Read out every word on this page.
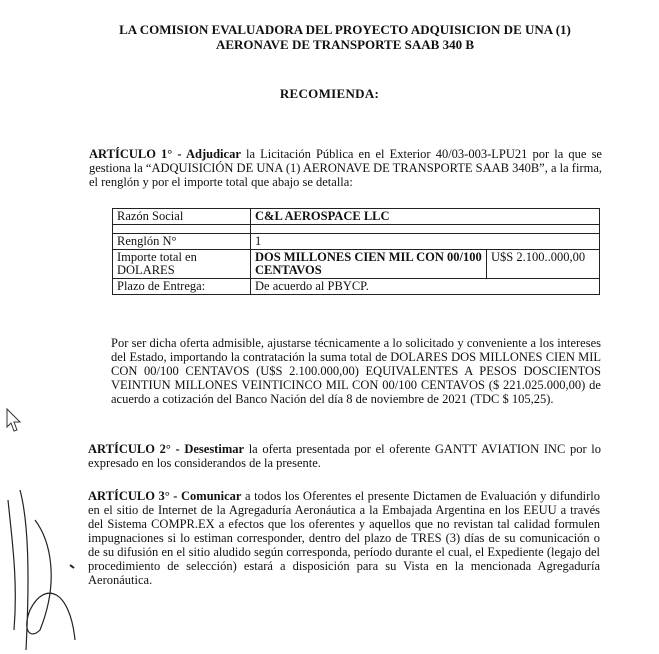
LA COMISION EVALUADORA DEL PROYECTO ADQUISICION DE UNA (1)
AERONAVE DE TRANSPORTE SAAB 340 B
RECOMIENDA:
ARTÍCULO 1° - Adjudicar la Licitación Pública en el Exterior 40/03-003-LPU21 por la que se gestiona la “ADQUISICIÓN DE UNA (1) AERONAVE DE TRANSPORTE SAAB 340B”, a la firma, el renglón y por el importe total que abajo se detalla:
Razón Social	C&L AEROSPACE LLC	

Renglón N°	1	
Importe total en DOLARES	DOS MILLONES CIEN MIL CON 00/100 CENTAVOS	U$S 2.100..000,00
Plazo de Entrega:	De acuerdo al PBYCP.	
Por ser dicha oferta admisible, ajustarse técnicamente a lo solicitado y conveniente a los intereses del Estado, importando la contratación la suma total de DOLARES DOS MILLONES CIEN MIL CON 00/100 CENTAVOS (U$S 2.100.000,00) EQUIVALENTES A PESOS DOSCIENTOS VEINTIUN MILLONES VEINTICINCO MIL CON 00/100 CENTAVOS ($ 221.025.000,00) de acuerdo a cotización del Banco Nación del día 8 de noviembre de 2021 (TDC $ 105,25).
ARTÍCULO 2° - Desestimar la oferta presentada por el oferente GANTT AVIATION INC por lo expresado en los considerandos de la presente.
ARTÍCULO 3° - Comunicar a todos los Oferentes el presente Dictamen de Evaluación y difundirlo en el sitio de Internet de la Agregaduría Aeronáutica a la Embajada Argentina en los EEUU a través del Sistema COMPR.EX a efectos que los oferentes y aquellos que no revistan tal calidad formulen impugnaciones si lo estiman corresponder, dentro del plazo de TRES (3) días de su comunicación o de su difusión en el sitio aludido según corresponda, período durante el cual, el Expediente (legajo del procedimiento de selección) estará a disposición para su Vista en la mencionada Agregaduría Aeronáutica.
